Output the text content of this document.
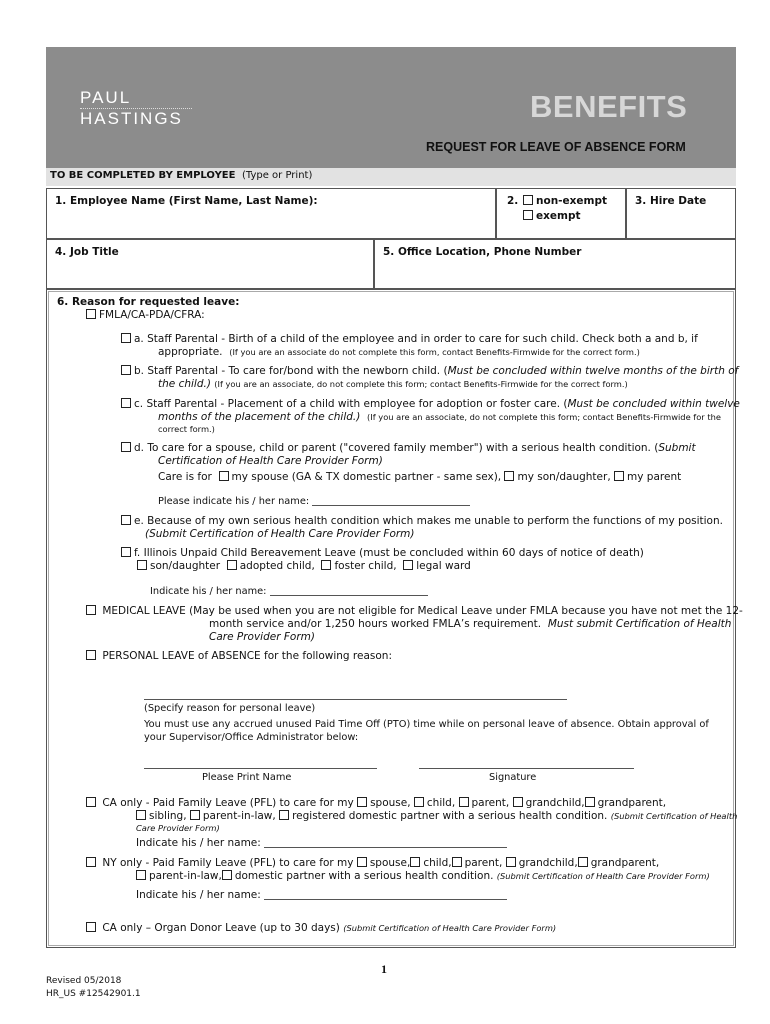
PAUL
HASTINGS	BENEFITS
REQUEST FOR LEAVE OF ABSENCE FORM
TO BE COMPLETED BY EMPLOYEE (Type or Print)
1. Employee Name (First Name, Last Name):	2.	non-exempt
exempt
3. Hire Date
4. Job Title	5. Office Location, Phone Number
6. Reason for requested leave:
FMLA/CA-PDA/CFRA:
a. Staff Parental - Birth of a child of the employee and in order to care for such child. Check both a and b, if
appropriate. (If you are an associate do not complete this form, contact Benefits-Firmwide for the correct form.)
b. Staff Parental - To care for/bond with the newborn child. (Must be concluded within twelve months of the birth of
the child.) (If you are an associate, do not complete this form; contact Benefits-Firmwide for the correct form.)
c. Staff Parental - Placement of a child with employee for adoption or foster care. (Must be concluded within twelve
months of the placement of the child.) (If you are an associate, do not complete this form; contact Benefits-Firmwide for the
correct form.)
d. To care for a spouse, child or parent ("covered family member") with a serious health condition. (Submit
Certification of Health Care Provider Form)
Care is for my spouse (GA & TX domestic partner - same sex), my son/daughter, my parent
Please indicate his / her name:
e. Because of my own serious health condition which makes me unable to perform the functions of my position.
(Submit Certification of Health Care Provider Form)
f. Illinois Unpaid Child Bereavement Leave (must be concluded within 60 days of notice of death)
son/daughter adopted child, foster child, legal ward
Indicate his / her name:
MEDICAL LEAVE (May be used when you are not eligible for Medical Leave under FMLA because you have not met the 12-
month service and/or 1,250 hours worked FMLA’s requirement. Must submit Certification of Health
Care Provider Form)
PERSONAL LEAVE of ABSENCE for the following reason:
(Specify reason for personal leave)
You must use any accrued unused Paid Time Off (PTO) time while on personal leave of absence. Obtain approval of
your Supervisor/Office Administrator below:
Please Print Name	Signature
CA only - Paid Family Leave (PFL) to care for my spouse, child, parent, grandchild, grandparent,
sibling, parent-in-law, registered domestic partner with a serious health condition. (Submit Certification of Health
Care Provider Form)
Indicate his / her name:
NY only - Paid Family Leave (PFL) to care for my spouse, child, parent, grandchild, grandparent,
parent-in-law, domestic partner with a serious health condition. (Submit Certification of Health Care Provider Form)
Indicate his / her name:
CA only – Organ Donor Leave (up to 30 days) (Submit Certification of Health Care Provider Form)
1
Revised 05/2018
HR_US #12542901.1
